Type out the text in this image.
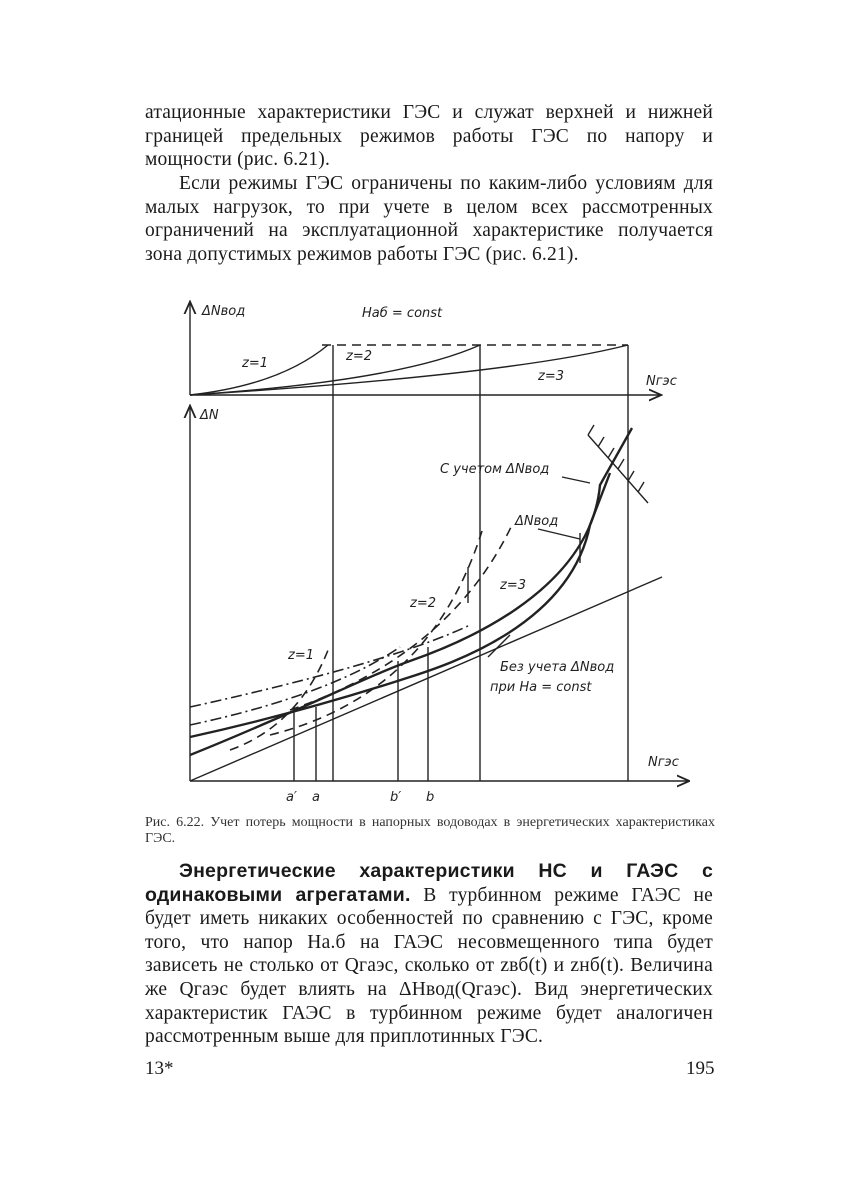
атационные характеристики ГЭС и служат верхней и нижней границей предельных режимов работы ГЭС по напору и мощности (рис. 6.21).
Если режимы ГЭС ограничены по каким-либо условиям для малых нагрузок, то при учете в целом всех рассмотренных ограничений на эксплуатационной характеристике получается зона допустимых режимов работы ГЭС (рис. 6.21).
ΔNвод	Hаб = const
Nгэс
z=1	z=2
z=3
ΔN
Nгэс
С учетом ΔNвод
ΔNвод
Без учета ΔNвод
при Hа = const
z=1
z=2
z=3
a′ a	b′ b
Рис. 6.22. Учет потерь мощности в напорных водоводах в энергетических характеристиках ГЭС.
Энергетические характеристики НС и ГАЭС с одинаковыми агрегатами. В турбинном режиме ГАЭС не будет иметь никаких особенностей по сравнению с ГЭС, кроме того, что напор Hа.б на ГАЭС несовмещенного типа будет зависеть не столько от Qгаэс, сколько от zвб(t) и zнб(t). Величина же Qгаэс будет влиять на ΔHвод(Qгаэс). Вид энергетических характеристик ГАЭС в турбинном режиме будет аналогичен рассмотренным выше для приплотинных ГЭС.
13*	195
